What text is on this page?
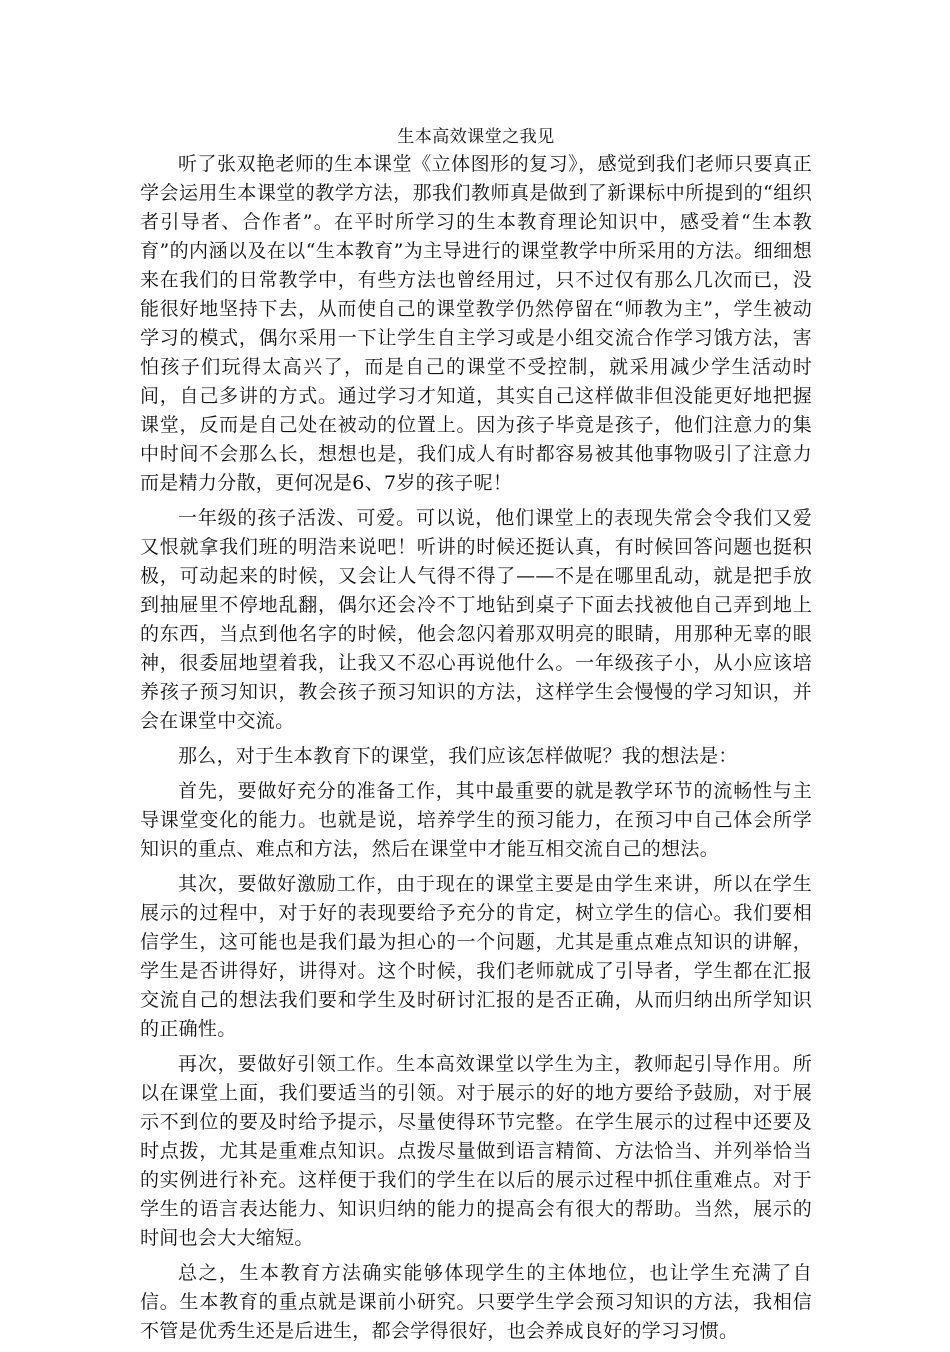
生本高效课堂之我见

听了张双艳老师的生本课堂《立体图形的复习》，感觉到我们老师只要真正学会运用生本课堂的教学方法，那我们教师真是做到了新课标中所提到的“组织者引导者、合作者”。在平时所学习的生本教育理论知识中，感受着“生本教育”的内涵以及在以“生本教育”为主导进行的课堂教学中所采用的方法。细细想来在我们的日常教学中，有些方法也曾经用过，只不过仅有那么几次而已，没能很好地坚持下去，从而使自己的课堂教学仍然停留在“师教为主”，学生被动学习的模式，偶尔采用一下让学生自主学习或是小组交流合作学习饿方法，害怕孩子们玩得太高兴了，而是自己的课堂不受控制，就采用减少学生活动时间，自己多讲的方式。通过学习才知道，其实自己这样做非但没能更好地把握课堂，反而是自己处在被动的位置上。因为孩子毕竟是孩子，他们注意力的集中时间不会那么长，想想也是，我们成人有时都容易被其他事物吸引了注意力而是精力分散，更何况是6、7岁的孩子呢！

一年级的孩子活泼、可爱。可以说，他们课堂上的表现失常会令我们又爱又恨就拿我们班的明浩来说吧！听讲的时候还挺认真，有时候回答问题也挺积极，可动起来的时候，又会让人气得不得了——不是在哪里乱动，就是把手放到抽屉里不停地乱翻，偶尔还会冷不丁地钻到桌子下面去找被他自己弄到地上的东西，当点到他名字的时候，他会忽闪着那双明亮的眼睛，用那种无辜的眼神，很委屈地望着我，让我又不忍心再说他什么。一年级孩子小，从小应该培养孩子预习知识，教会孩子预习知识的方法，这样学生会慢慢的学习知识，并会在课堂中交流。

那么，对于生本教育下的课堂，我们应该怎样做呢？我的想法是：

首先，要做好充分的准备工作，其中最重要的就是教学环节的流畅性与主导课堂变化的能力。也就是说，培养学生的预习能力，在预习中自己体会所学知识的重点、难点和方法，然后在课堂中才能互相交流自己的想法。

其次，要做好激励工作，由于现在的课堂主要是由学生来讲，所以在学生展示的过程中，对于好的表现要给予充分的肯定，树立学生的信心。我们要相信学生，这可能也是我们最为担心的一个问题，尤其是重点难点知识的讲解，学生是否讲得好，讲得对。这个时候，我们老师就成了引导者，学生都在汇报交流自己的想法我们要和学生及时研讨汇报的是否正确，从而归纳出所学知识的正确性。

再次，要做好引领工作。生本高效课堂以学生为主，教师起引导作用。所以在课堂上面，我们要适当的引领。对于展示的好的地方要给予鼓励，对于展示不到位的要及时给予提示，尽量使得环节完整。在学生展示的过程中还要及时点拨，尤其是重难点知识。点拨尽量做到语言精简、方法恰当、并列举恰当的实例进行补充。这样便于我们的学生在以后的展示过程中抓住重难点。对于学生的语言表达能力、知识归纳的能力的提高会有很大的帮助。当然，展示的时间也会大大缩短。

总之，生本教育方法确实能够体现学生的主体地位，也让学生充满了自信。生本教育的重点就是课前小研究。只要学生学会预习知识的方法，我相信不管是优秀生还是后进生，都会学得很好，也会养成良好的学习习惯。
